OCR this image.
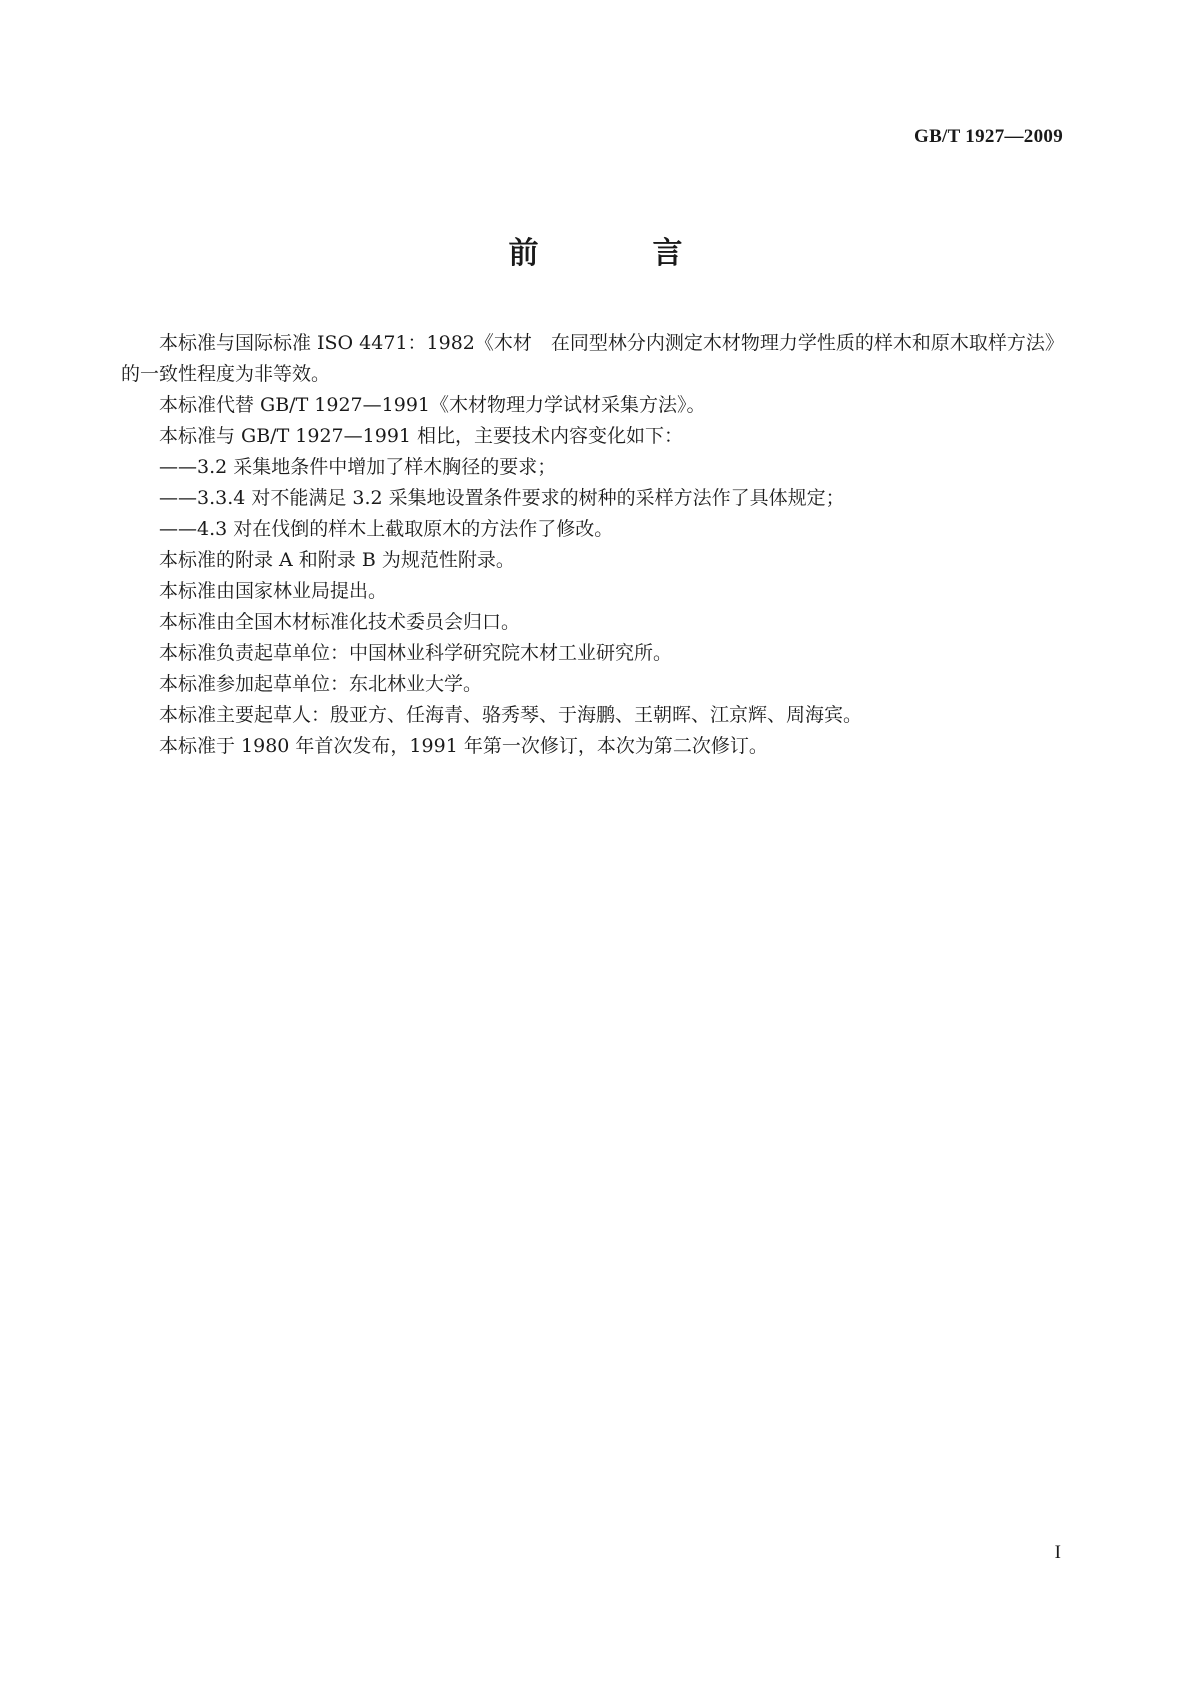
GB/T 1927—2009
前　言

本标准与国际标准 ISO 4471：1982《木材　在同型林分内测定木材物理力学性质的样木和原木取样方法》的一致性程度为非等效。

本标准代替 GB/T 1927—1991《木材物理力学试材采集方法》。

本标准与 GB/T 1927—1991 相比，主要技术内容变化如下：

——3.2 采集地条件中增加了样木胸径的要求；

——3.3.4 对不能满足 3.2 采集地设置条件要求的树种的采样方法作了具体规定；

——4.3 对在伐倒的样木上截取原木的方法作了修改。

本标准的附录 A 和附录 B 为规范性附录。

本标准由国家林业局提出。

本标准由全国木材标准化技术委员会归口。

本标准负责起草单位：中国林业科学研究院木材工业研究所。

本标准参加起草单位：东北林业大学。

本标准主要起草人：殷亚方、任海青、骆秀琴、于海鹏、王朝晖、江京辉、周海宾。

本标准于 1980 年首次发布，1991 年第一次修订，本次为第二次修订。

I
